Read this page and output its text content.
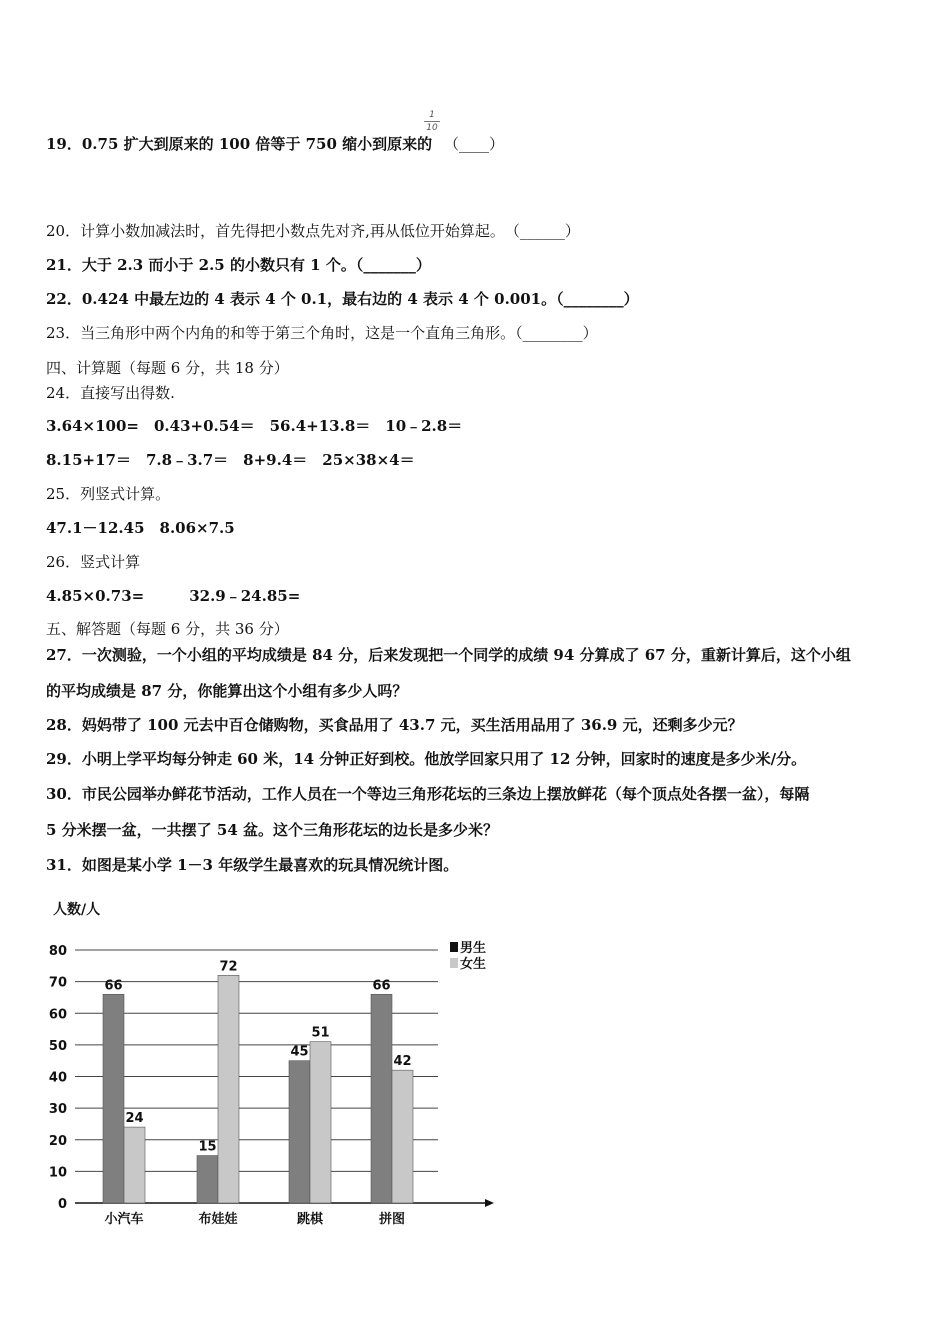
19．0.75 扩大到原来的 100 倍等于 750 缩小到原来的
1
10
（____）
20．计算小数加减法时，首先得把小数点先对齐,再从低位开始算起。　（______）
21．大于 2.3 而小于 2.5 的小数只有 1 个。（_______）
22．0.424 中最左边的 4 表示 4 个 0.1，最右边的 4 表示 4 个 0.001。（________）
23．当三角形中两个内角的和等于第三个角时，这是一个直角三角形。（________）
四、计算题（每题 6 分，共 18 分）
24．直接写出得数.
3.64×100=　0.43+0.54＝　56.4+13.8＝　10﹣2.8＝
8.15+17＝　7.8﹣3.7＝　8+9.4＝　25×38×4＝
25．列竖式计算。
47.1－12.45　8.06×7.5
26．竖式计算
4.85×0.73=　　　32.9﹣24.85=
五、解答题（每题 6 分，共 36 分）
27．一次测验，一个小组的平均成绩是 84 分，后来发现把一个同学的成绩 94 分算成了 67 分，重新计算后，这个小组
的平均成绩是 87 分，你能算出这个小组有多少人吗？
28．妈妈带了 100 元去中百仓储购物，买食品用了 43.7 元，买生活用品用了 36.9 元，还剩多少元？
29．小明上学平均每分钟走 60 米，14 分钟正好到校。他放学回家只用了 12 分钟，回家时的速度是多少米/分。
30．市民公园举办鲜花节活动，工作人员在一个等边三角形花坛的三条边上摆放鲜花（每个顶点处各摆一盆），每隔
5 分米摆一盆，一共摆了 54 盆。这个三角形花坛的边长是多少米？
31．如图是某小学 1－3 年级学生最喜欢的玩具情况统计图。
人数/人
0
10
20
30
40
50
60
70
80
66
24
小汽车
15
72
布娃娃
45
51
跳棋
66
42
拼图
男生
女生
